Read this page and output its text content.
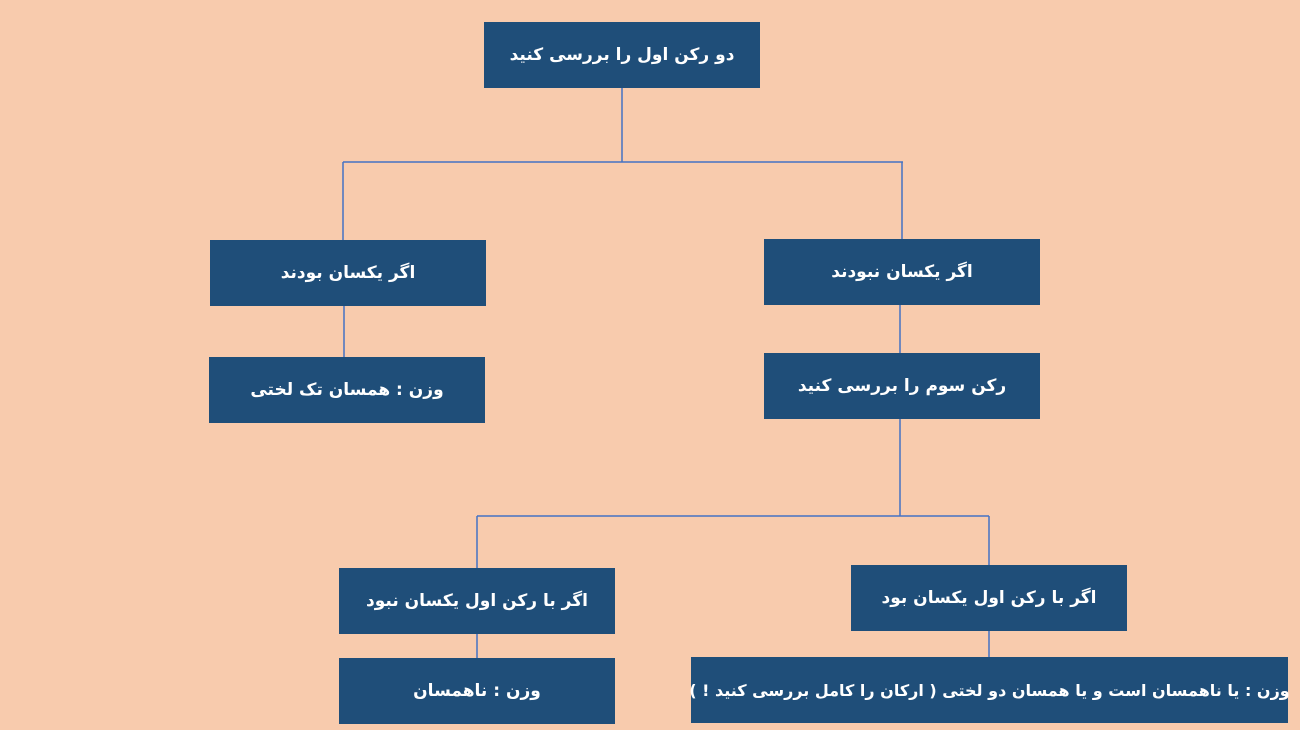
دو رکن اول را بررسی کنید
اگر یکسان بودند	اگر یکسان نبودند
وزن : همسان تک لختی	رکن سوم را بررسی کنید
اگر با رکن اول یکسان نبود	اگر با رکن اول یکسان بود
وزن : ناهمسان	وزن : یا ناهمسان است و یا همسان دو لختی ( ارکان را کامل بررسی کنید ! )
